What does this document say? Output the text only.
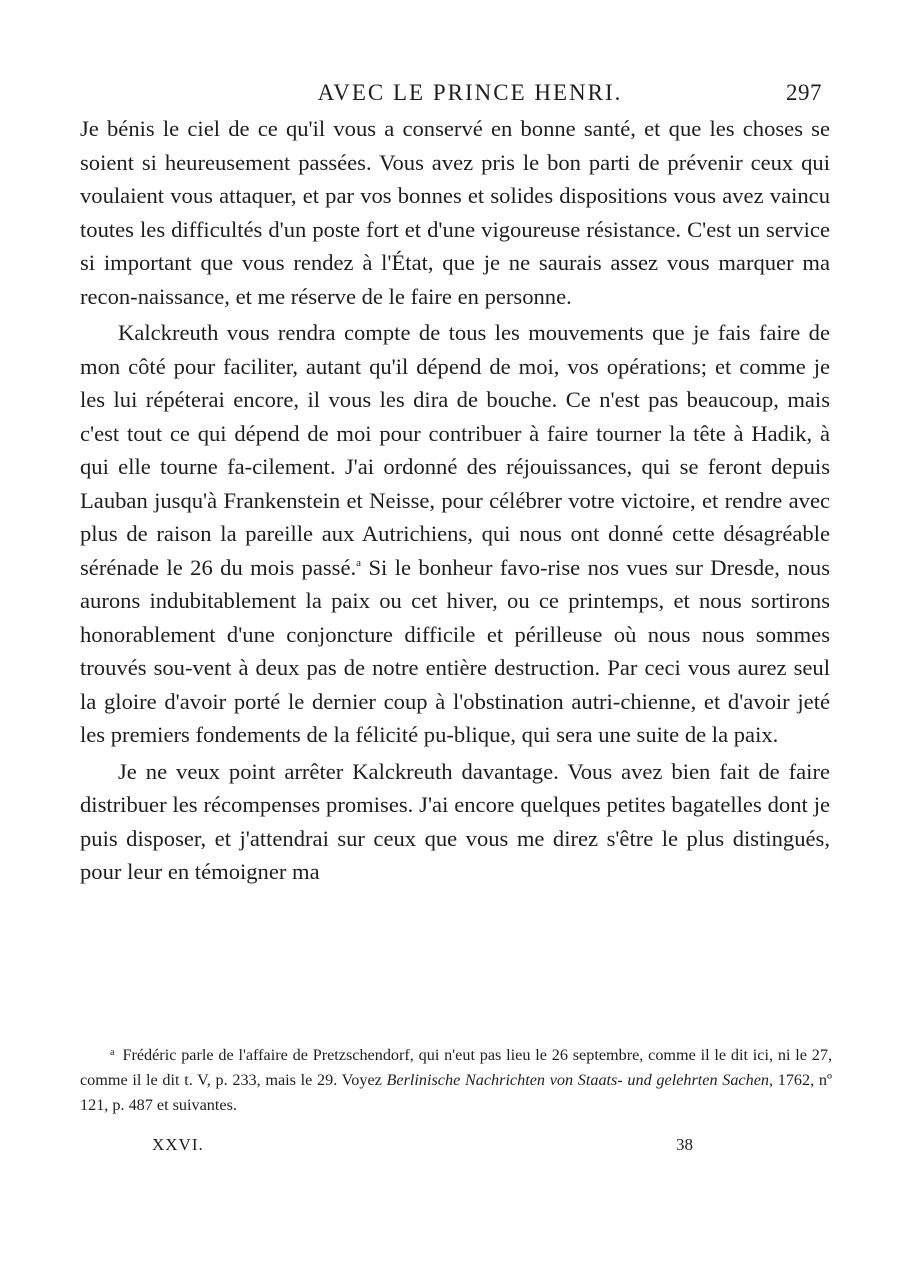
AVEC LE PRINCE HENRI.	297

Je bénis le ciel de ce qu'il vous a conservé en bonne santé, et que les choses se soient si heureusement passées. Vous avez pris le bon parti de prévenir ceux qui voulaient vous attaquer, et par vos bonnes et solides dispositions vous avez vaincu toutes les difficultés d'un poste fort et d'une vigoureuse résistance. C'est un service si important que vous rendez à l'État, que je ne saurais assez vous marquer ma recon-naissance, et me réserve de le faire en personne.

Kalckreuth vous rendra compte de tous les mouvements que je fais faire de mon côté pour faciliter, autant qu'il dépend de moi, vos opérations; et comme je les lui répéterai encore, il vous les dira de bouche. Ce n'est pas beaucoup, mais c'est tout ce qui dépend de moi pour contribuer à faire tourner la tête à Hadik, à qui elle tourne fa-cilement. J'ai ordonné des réjouissances, qui se feront depuis Lauban jusqu'à Frankenstein et Neisse, pour célébrer votre victoire, et rendre avec plus de raison la pareille aux Autrichiens, qui nous ont donné cette désagréable sérénade le 26 du mois passé.$^a$ Si le bonheur favo-rise nos vues sur Dresde, nous aurons indubitablement la paix ou cet hiver, ou ce printemps, et nous sortirons honorablement d'une conjoncture difficile et périlleuse où nous nous sommes trouvés sou-vent à deux pas de notre entière destruction. Par ceci vous aurez seul la gloire d'avoir porté le dernier coup à l'obstination autri-chienne, et d'avoir jeté les premiers fondements de la félicité pu-blique, qui sera une suite de la paix.

Je ne veux point arrêter Kalckreuth davantage. Vous avez bien fait de faire distribuer les récompenses promises. J'ai encore quelques petites bagatelles dont je puis disposer, et j'attendrai sur ceux que vous me direz s'être le plus distingués, pour leur en témoigner ma

$^a$ Frédéric parle de l'affaire de Pretzschendorf, qui n'eut pas lieu le 26 septembre, comme il le dit ici, ni le 27, comme il le dit t. V, p. 233, mais le 29. Voyez Berlinische Nachrichten von Staats- und gelehrten Sachen, 1762, nº 121, p. 487 et suivantes.

XXVI.	38
